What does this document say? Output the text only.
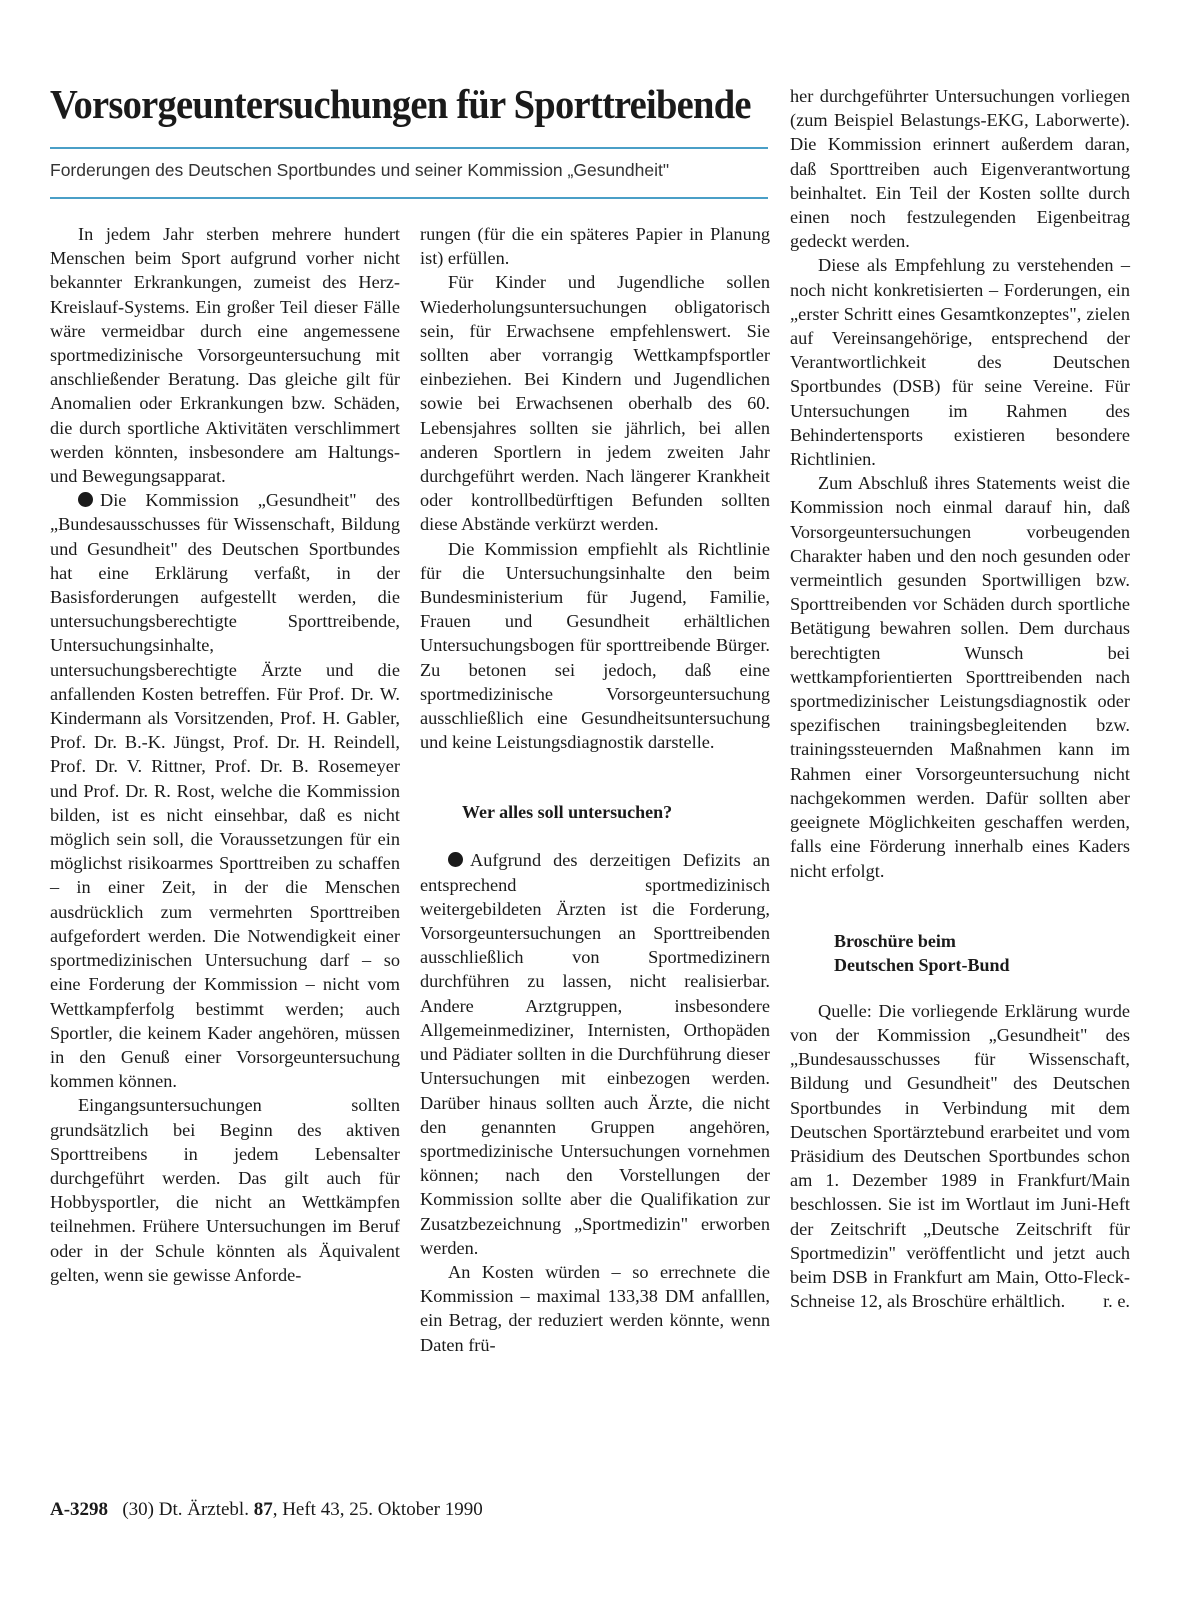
Vorsorgeuntersuchungen für Sporttreibende

Forderungen des Deutschen Sportbundes und seiner Kommission „Gesundheit"

In jedem Jahr sterben mehrere hundert Menschen beim Sport aufgrund vorher nicht bekannter Erkrankungen, zumeist des Herz-Kreislauf-Systems. Ein großer Teil dieser Fälle wäre vermeidbar durch eine angemessene sportmedizinische Vorsorgeuntersuchung mit anschließender Beratung. Das gleiche gilt für Anomalien oder Erkrankungen bzw. Schäden, die durch sportliche Aktivitäten verschlimmert werden könnten, insbesondere am Haltungs- und Bewegungsapparat.

Die Kommission „Gesundheit" des „Bundesausschusses für Wissenschaft, Bildung und Gesundheit" des Deutschen Sportbundes hat eine Erklärung verfaßt, in der Basisforderungen aufgestellt werden, die untersuchungsberechtigte Sporttreibende, Untersuchungsinhalte, untersuchungsberechtigte Ärzte und die anfallenden Kosten betreffen. Für Prof. Dr. W. Kindermann als Vorsitzenden, Prof. H. Gabler, Prof. Dr. B.-K. Jüngst, Prof. Dr. H. Reindell, Prof. Dr. V. Rittner, Prof. Dr. B. Rosemeyer und Prof. Dr. R. Rost, welche die Kommission bilden, ist es nicht einsehbar, daß es nicht möglich sein soll, die Voraussetzungen für ein möglichst risikoarmes Sporttreiben zu schaffen – in einer Zeit, in der die Menschen ausdrücklich zum vermehrten Sporttreiben aufgefordert werden. Die Notwendigkeit einer sportmedizinischen Untersuchung darf – so eine Forderung der Kommission – nicht vom Wettkampferfolg bestimmt werden; auch Sportler, die keinem Kader angehören, müssen in den Genuß einer Vorsorgeuntersuchung kommen können.

Eingangsuntersuchungen sollten grundsätzlich bei Beginn des aktiven Sporttreibens in jedem Lebensalter durchgeführt werden. Das gilt auch für Hobbysportler, die nicht an Wettkämpfen teilnehmen. Frühere Untersuchungen im Beruf oder in der Schule könnten als Äquivalent gelten, wenn sie gewisse Anforde-

rungen (für die ein späteres Papier in Planung ist) erfüllen.

Für Kinder und Jugendliche sollen Wiederholungsuntersuchungen obligatorisch sein, für Erwachsene empfehlenswert. Sie sollten aber vorrangig Wettkampfsportler einbeziehen. Bei Kindern und Jugendlichen sowie bei Erwachsenen oberhalb des 60. Lebensjahres sollten sie jährlich, bei allen anderen Sportlern in jedem zweiten Jahr durchgeführt werden. Nach längerer Krankheit oder kontrollbedürftigen Befunden sollten diese Abstände verkürzt werden.

Die Kommission empfiehlt als Richtlinie für die Untersuchungsinhalte den beim Bundesministerium für Jugend, Familie, Frauen und Gesundheit erhältlichen Untersuchungsbogen für sporttreibende Bürger. Zu betonen sei jedoch, daß eine sportmedizinische Vorsorgeuntersuchung ausschließlich eine Gesundheitsuntersuchung und keine Leistungsdiagnostik darstelle.

Wer alles soll untersuchen?

Aufgrund des derzeitigen Defizits an entsprechend sportmedizinisch weitergebildeten Ärzten ist die Forderung, Vorsorgeuntersuchungen an Sporttreibenden ausschließlich von Sportmedizinern durchführen zu lassen, nicht realisierbar. Andere Arztgruppen, insbesondere Allgemeinmediziner, Internisten, Orthopäden und Pädiater sollten in die Durchführung dieser Untersuchungen mit einbezogen werden. Darüber hinaus sollten auch Ärzte, die nicht den genannten Gruppen angehören, sportmedizinische Untersuchungen vornehmen können; nach den Vorstellungen der Kommission sollte aber die Qualifikation zur Zusatzbezeichnung „Sportmedizin" erworben werden.

An Kosten würden – so errechnete die Kommission – maximal 133,38 DM anfalllen, ein Betrag, der reduziert werden könnte, wenn Daten frü-

her durchgeführter Untersuchungen vorliegen (zum Beispiel Belastungs-EKG, Laborwerte). Die Kommission erinnert außerdem daran, daß Sporttreiben auch Eigenverantwortung beinhaltet. Ein Teil der Kosten sollte durch einen noch festzulegenden Eigenbeitrag gedeckt werden.

Diese als Empfehlung zu verstehenden – noch nicht konkretisierten – Forderungen, ein „erster Schritt eines Gesamtkonzeptes", zielen auf Vereinsangehörige, entsprechend der Verantwortlichkeit des Deutschen Sportbundes (DSB) für seine Vereine. Für Untersuchungen im Rahmen des Behindertensports existieren besondere Richtlinien.

Zum Abschluß ihres Statements weist die Kommission noch einmal darauf hin, daß Vorsorgeuntersuchungen vorbeugenden Charakter haben und den noch gesunden oder vermeintlich gesunden Sportwilligen bzw. Sporttreibenden vor Schäden durch sportliche Betätigung bewahren sollen. Dem durchaus berechtigten Wunsch bei wettkampforientierten Sporttreibenden nach sportmedizinischer Leistungsdiagnostik oder spezifischen trainingsbegleitenden bzw. trainingssteuernden Maßnahmen kann im Rahmen einer Vorsorgeuntersuchung nicht nachgekommen werden. Dafür sollten aber geeignete Möglichkeiten geschaffen werden, falls eine Förderung innerhalb eines Kaders nicht erfolgt.

Broschüre beim
Deutschen Sport-Bund

Quelle: Die vorliegende Erklärung wurde von der Kommission „Gesundheit" des „Bundesausschusses für Wissenschaft, Bildung und Gesundheit" des Deutschen Sportbundes in Verbindung mit dem Deutschen Sportärztebund erarbeitet und vom Präsidium des Deutschen Sportbundes schon am 1. Dezember 1989 in Frankfurt/Main beschlossen. Sie ist im Wortlaut im Juni-Heft der Zeitschrift „Deutsche Zeitschrift für Sportmedizin" veröffentlicht und jetzt auch beim DSB in Frankfurt am Main, Otto-Fleck-Schneise 12, als Broschüre erhältlich.	r. e.

A-3298 (30) Dt. Ärztebl. 87, Heft 43, 25. Oktober 1990
